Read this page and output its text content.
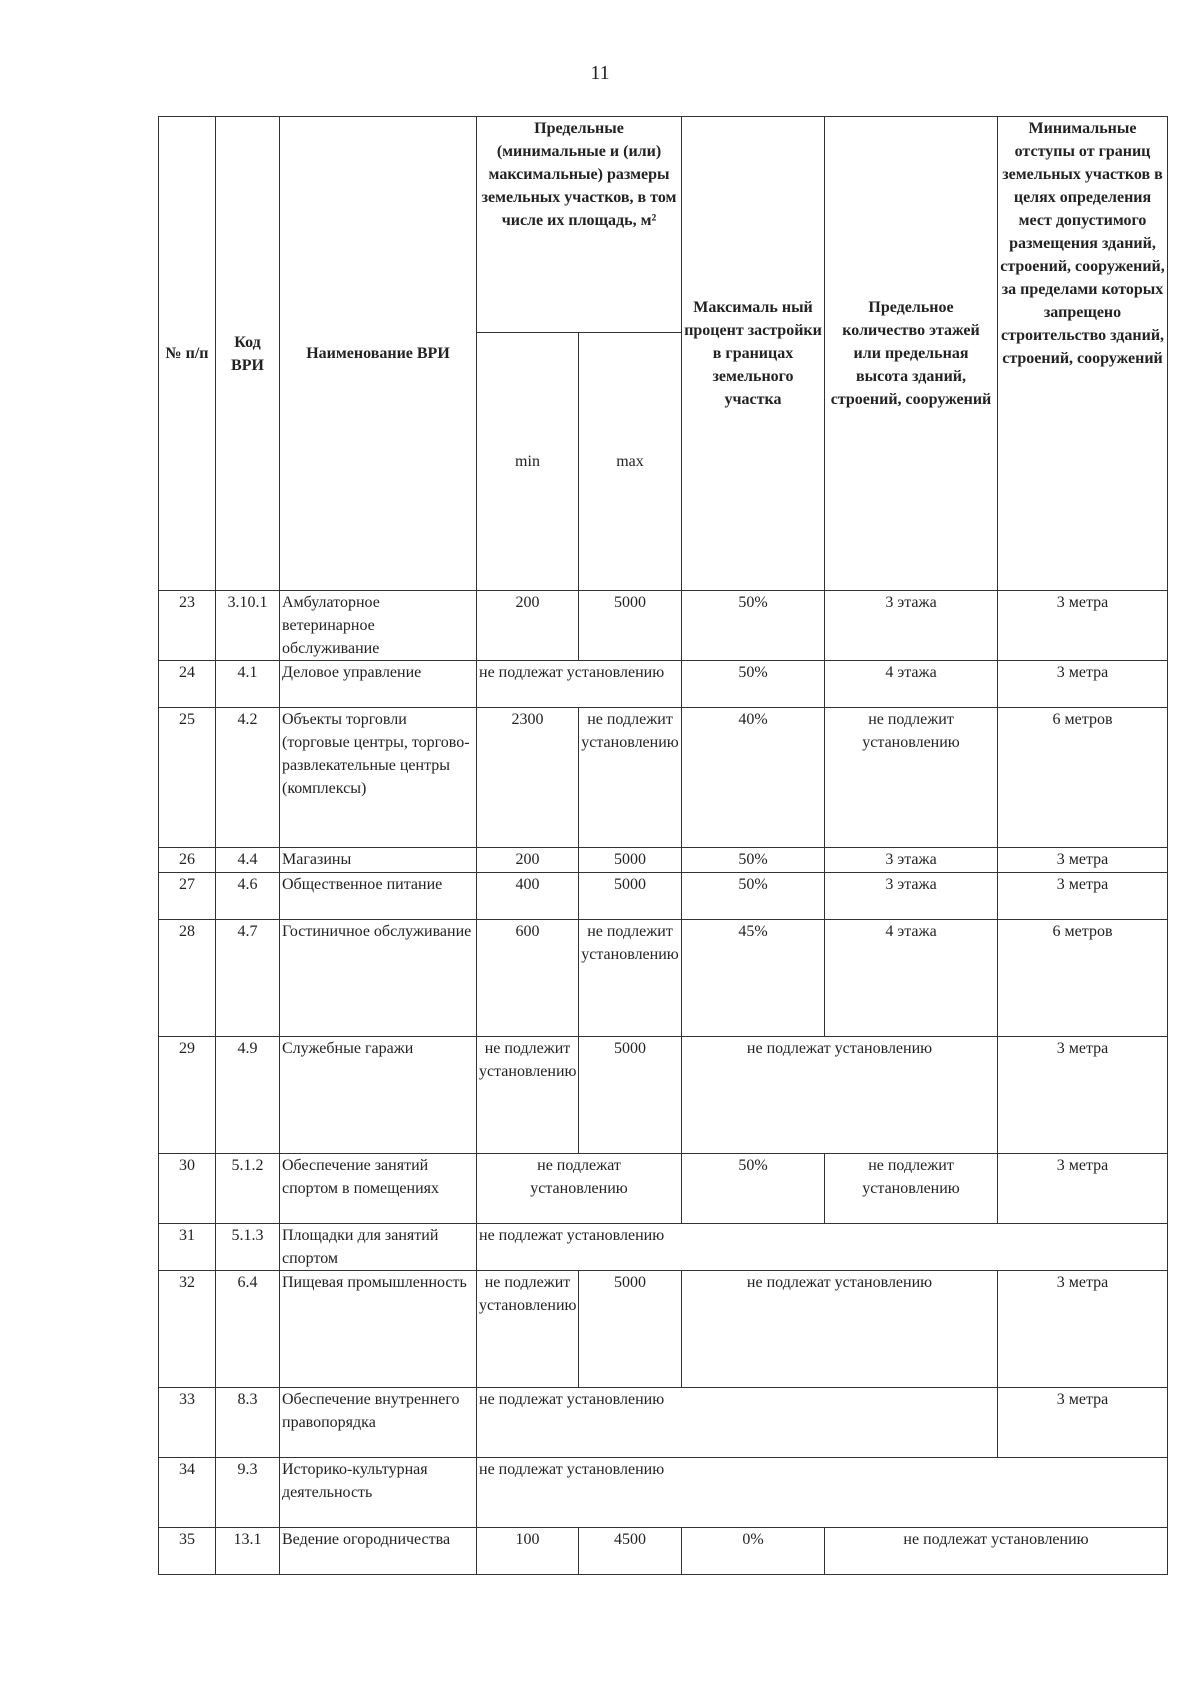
11
№ п/п	Код ВРИ	Наименование ВРИ	Предельные (минимальные и (или) максимальные) размеры земельных участков, в том числе их площадь, м²		Максималь ный процент застройки в границах земельного участка	Предельное количество этажей или предельная высота зданий, строений, сооружений	Минимальные отступы от границ земельных участков в целях определения мест допустимого размещения зданий, строений, сооружений, за пределами которых запрещено строительство зданий, строений, сооружений
			min	max			
23	3.10.1	Амбулаторное ветеринарное обслуживание	200	5000	50%	3 этажа	3 метра
24	4.1	Деловое управление	не подлежат установлению		50%	4 этажа	3 метра
25	4.2	Объекты торговли (торговые центры, торгово-развлекательные центры (комплексы)	2300	не подлежит установлению	40%	не подлежит установлению	6 метров
26	4.4	Магазины	200	5000	50%	3 этажа	3 метра
27	4.6	Общественное питание	400	5000	50%	3 этажа	3 метра
28	4.7	Гостиничное обслуживание	600	не подлежит установлению	45%	4 этажа	6 метров
29	4.9	Служебные гаражи	не подлежит установлению	5000	не подлежат установлению		3 метра
30	5.1.2	Обеспечение занятий спортом в помещениях	не подлежат установлению		50%	не подлежит установлению	3 метра
31	5.1.3	Площадки для занятий спортом	не подлежат установлению				
32	6.4	Пищевая промышленность	не подлежит установлению	5000	не подлежат установлению		3 метра
33	8.3	Обеспечение внутреннего правопорядка	не подлежат установлению				3 метра
34	9.3	Историко-культурная деятельность	не подлежат установлению				
35	13.1	Ведение огородничества	100	4500	0%	не подлежат установлению	
